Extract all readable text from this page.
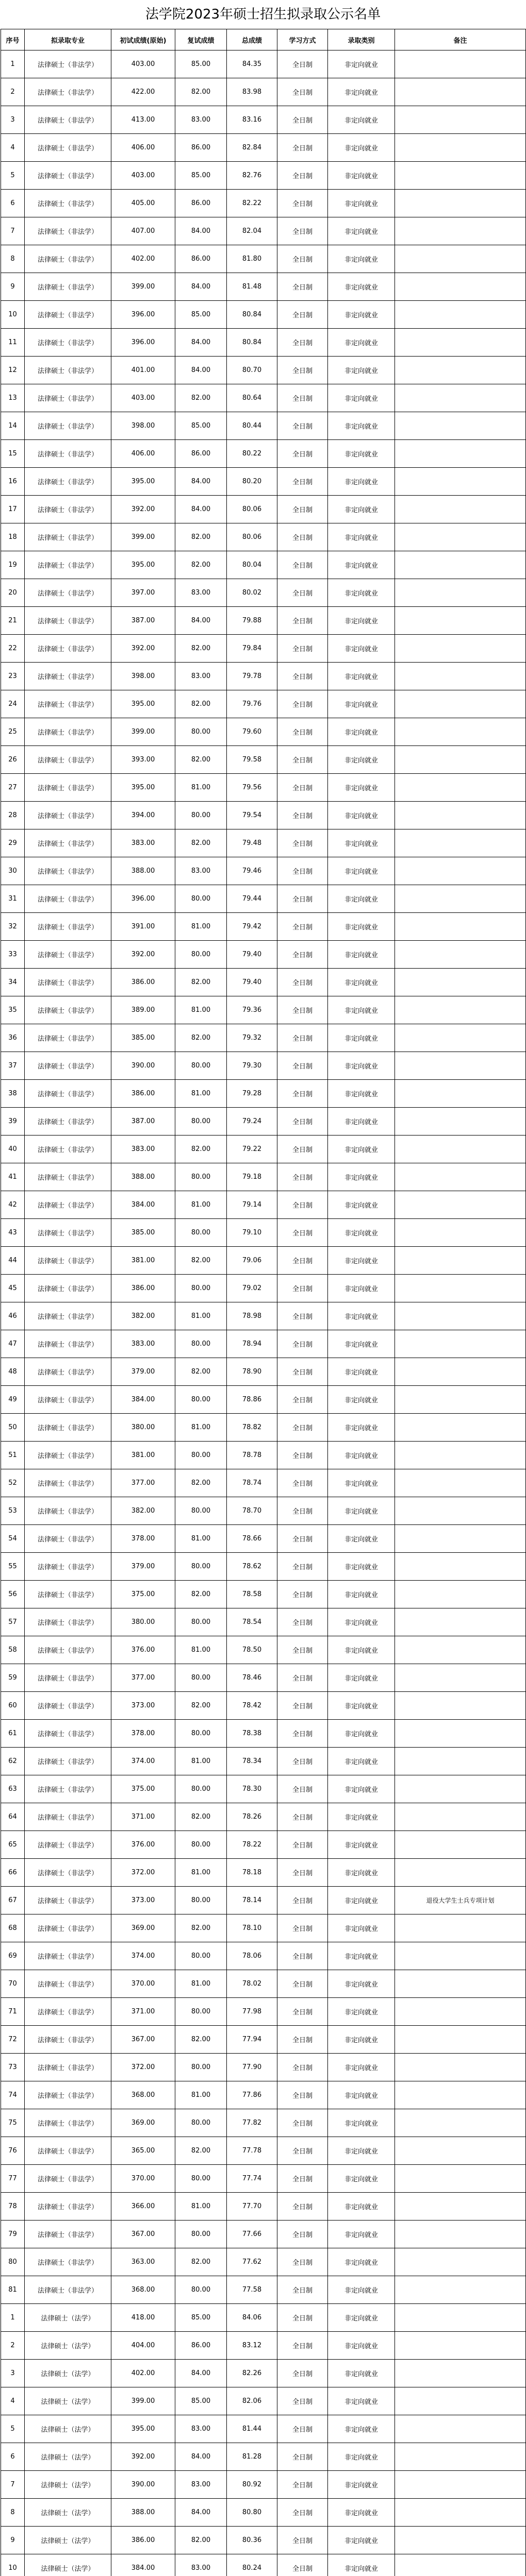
法学院2023年硕士招生拟录取公示名单
序号	拟录取专业	初试成绩(原始)	复试成绩	总成绩	学习方式	录取类别	备注
1	法律硕士（非法学）	403.00	85.00	84.35	全日制	非定向就业	
2	法律硕士（非法学）	422.00	82.00	83.98	全日制	非定向就业	
3	法律硕士（非法学）	413.00	83.00	83.16	全日制	非定向就业	
4	法律硕士（非法学）	406.00	86.00	82.84	全日制	非定向就业	
5	法律硕士（非法学）	403.00	85.00	82.76	全日制	非定向就业	
6	法律硕士（非法学）	405.00	86.00	82.22	全日制	非定向就业	
7	法律硕士（非法学）	407.00	84.00	82.04	全日制	非定向就业	
8	法律硕士（非法学）	402.00	86.00	81.80	全日制	非定向就业	
9	法律硕士（非法学）	399.00	84.00	81.48	全日制	非定向就业	
10	法律硕士（非法学）	396.00	85.00	80.84	全日制	非定向就业	
11	法律硕士（非法学）	396.00	84.00	80.84	全日制	非定向就业	
12	法律硕士（非法学）	401.00	84.00	80.70	全日制	非定向就业	
13	法律硕士（非法学）	403.00	82.00	80.64	全日制	非定向就业	
14	法律硕士（非法学）	398.00	85.00	80.44	全日制	非定向就业	
15	法律硕士（非法学）	406.00	86.00	80.22	全日制	非定向就业	
16	法律硕士（非法学）	395.00	84.00	80.20	全日制	非定向就业	
17	法律硕士（非法学）	392.00	84.00	80.06	全日制	非定向就业	
18	法律硕士（非法学）	399.00	82.00	80.06	全日制	非定向就业	
19	法律硕士（非法学）	395.00	82.00	80.04	全日制	非定向就业	
20	法律硕士（非法学）	397.00	83.00	80.02	全日制	非定向就业	
21	法律硕士（非法学）	387.00	84.00	79.88	全日制	非定向就业	
22	法律硕士（非法学）	392.00	82.00	79.84	全日制	非定向就业	
23	法律硕士（非法学）	398.00	83.00	79.78	全日制	非定向就业	
24	法律硕士（非法学）	395.00	82.00	79.76	全日制	非定向就业	
25	法律硕士（非法学）	399.00	80.00	79.60	全日制	非定向就业	
26	法律硕士（非法学）	393.00	82.00	79.58	全日制	非定向就业	
27	法律硕士（非法学）	395.00	81.00	79.56	全日制	非定向就业	
28	法律硕士（非法学）	394.00	80.00	79.54	全日制	非定向就业	
29	法律硕士（非法学）	383.00	82.00	79.48	全日制	非定向就业	
30	法律硕士（非法学）	388.00	83.00	79.46	全日制	非定向就业	
31	法律硕士（非法学）	396.00	80.00	79.44	全日制	非定向就业	
32	法律硕士（非法学）	391.00	81.00	79.42	全日制	非定向就业	
33	法律硕士（非法学）	392.00	80.00	79.40	全日制	非定向就业	
34	法律硕士（非法学）	386.00	82.00	79.40	全日制	非定向就业	
35	法律硕士（非法学）	389.00	81.00	79.36	全日制	非定向就业	
36	法律硕士（非法学）	385.00	82.00	79.32	全日制	非定向就业	
37	法律硕士（非法学）	390.00	80.00	79.30	全日制	非定向就业	
38	法律硕士（非法学）	386.00	81.00	79.28	全日制	非定向就业	
39	法律硕士（非法学）	387.00	80.00	79.24	全日制	非定向就业	
40	法律硕士（非法学）	383.00	82.00	79.22	全日制	非定向就业	
41	法律硕士（非法学）	388.00	80.00	79.18	全日制	非定向就业	
42	法律硕士（非法学）	384.00	81.00	79.14	全日制	非定向就业	
43	法律硕士（非法学）	385.00	80.00	79.10	全日制	非定向就业	
44	法律硕士（非法学）	381.00	82.00	79.06	全日制	非定向就业	
45	法律硕士（非法学）	386.00	80.00	79.02	全日制	非定向就业	
46	法律硕士（非法学）	382.00	81.00	78.98	全日制	非定向就业	
47	法律硕士（非法学）	383.00	80.00	78.94	全日制	非定向就业	
48	法律硕士（非法学）	379.00	82.00	78.90	全日制	非定向就业	
49	法律硕士（非法学）	384.00	80.00	78.86	全日制	非定向就业	
50	法律硕士（非法学）	380.00	81.00	78.82	全日制	非定向就业	
51	法律硕士（非法学）	381.00	80.00	78.78	全日制	非定向就业	
52	法律硕士（非法学）	377.00	82.00	78.74	全日制	非定向就业	
53	法律硕士（非法学）	382.00	80.00	78.70	全日制	非定向就业	
54	法律硕士（非法学）	378.00	81.00	78.66	全日制	非定向就业	
55	法律硕士（非法学）	379.00	80.00	78.62	全日制	非定向就业	
56	法律硕士（非法学）	375.00	82.00	78.58	全日制	非定向就业	
57	法律硕士（非法学）	380.00	80.00	78.54	全日制	非定向就业	
58	法律硕士（非法学）	376.00	81.00	78.50	全日制	非定向就业	
59	法律硕士（非法学）	377.00	80.00	78.46	全日制	非定向就业	
60	法律硕士（非法学）	373.00	82.00	78.42	全日制	非定向就业	
61	法律硕士（非法学）	378.00	80.00	78.38	全日制	非定向就业	
62	法律硕士（非法学）	374.00	81.00	78.34	全日制	非定向就业	
63	法律硕士（非法学）	375.00	80.00	78.30	全日制	非定向就业	
64	法律硕士（非法学）	371.00	82.00	78.26	全日制	非定向就业	
65	法律硕士（非法学）	376.00	80.00	78.22	全日制	非定向就业	
66	法律硕士（非法学）	372.00	81.00	78.18	全日制	非定向就业	
67	法律硕士（非法学）	373.00	80.00	78.14	全日制	非定向就业	退役大学生士兵专项计划
68	法律硕士（非法学）	369.00	82.00	78.10	全日制	非定向就业	
69	法律硕士（非法学）	374.00	80.00	78.06	全日制	非定向就业	
70	法律硕士（非法学）	370.00	81.00	78.02	全日制	非定向就业	
71	法律硕士（非法学）	371.00	80.00	77.98	全日制	非定向就业	
72	法律硕士（非法学）	367.00	82.00	77.94	全日制	非定向就业	
73	法律硕士（非法学）	372.00	80.00	77.90	全日制	非定向就业	
74	法律硕士（非法学）	368.00	81.00	77.86	全日制	非定向就业	
75	法律硕士（非法学）	369.00	80.00	77.82	全日制	非定向就业	
76	法律硕士（非法学）	365.00	82.00	77.78	全日制	非定向就业	
77	法律硕士（非法学）	370.00	80.00	77.74	全日制	非定向就业	
78	法律硕士（非法学）	366.00	81.00	77.70	全日制	非定向就业	
79	法律硕士（非法学）	367.00	80.00	77.66	全日制	非定向就业	
80	法律硕士（非法学）	363.00	82.00	77.62	全日制	非定向就业	
81	法律硕士（非法学）	368.00	80.00	77.58	全日制	非定向就业	
1	法律硕士（法学）	418.00	85.00	84.06	全日制	非定向就业	
2	法律硕士（法学）	404.00	86.00	83.12	全日制	非定向就业	
3	法律硕士（法学）	402.00	84.00	82.26	全日制	非定向就业	
4	法律硕士（法学）	399.00	85.00	82.06	全日制	非定向就业	
5	法律硕士（法学）	395.00	83.00	81.44	全日制	非定向就业	
6	法律硕士（法学）	392.00	84.00	81.28	全日制	非定向就业	
7	法律硕士（法学）	390.00	83.00	80.92	全日制	非定向就业	
8	法律硕士（法学）	388.00	84.00	80.80	全日制	非定向就业	
9	法律硕士（法学）	386.00	82.00	80.36	全日制	非定向就业	
10	法律硕士（法学）	384.00	83.00	80.24	全日制	非定向就业	
